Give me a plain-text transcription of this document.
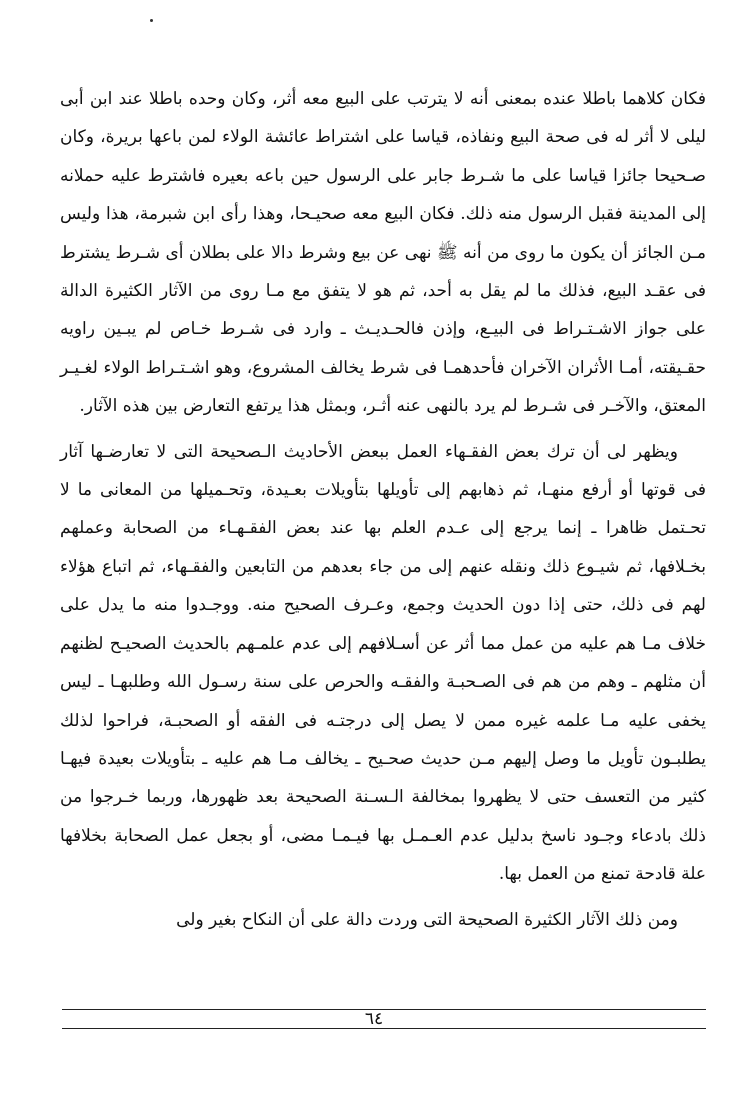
فكان كلاهما باطلا عنده بمعنى أنه لا يترتب على البيع معه أثر، وكان وحده باطلا عند ابن أبى ليلى لا أثر له فى صحة البيع ونفاذه، قياسا على اشتراط عائشة الولاء لمن باعها بريرة، وكان صـحيحا جائزا قياسا على ما شـرط جابر على الرسول حين باعه بعيره فاشترط عليه حملانه إلى المدينة فقبل الرسول منه ذلك. فكان البيع معه صحيـحا، وهذا رأى ابن شبرمة، هذا وليس مـن الجائز أن يكون ما روى من أنه ﷺ نهى عن بيع وشرط دالا على بطلان أى شـرط يشترط فى عقـد البيع، فذلك ما لم يقل به أحد، ثم هو لا يتفق مع مـا روى من الآثار الكثيرة الدالة على جواز الاشـتـراط فى البيـع، وإذن فالحـديـث ـ وارد فى شـرط خـاص لم يبـين راويه حقـيقته، أمـا الأثران الآخران فأحدهمـا فى شرط يخالف المشروع، وهو اشـتـراط الولاء لغـيـر المعتق، والآخـر فى شـرط لم يرد بالنهى عنه أثـر، وبمثل هذا يرتفع التعارض بين هذه الآثار.

ويظهر لى أن ترك بعض الفقـهاء العمل ببعض الأحاديث الـصحيحة التى لا تعارضـها آثار فى قوتها أو أرفع منهـا، ثم ذهابهم إلى تأويلها بتأويلات بعـيدة، وتحـميلها من المعانى ما لا تحـتمل ظاهرا ـ إنما يرجع إلى عـدم العلم بها عند بعض الفقـهـاء من الصحابة وعملهم بخـلافها، ثم شيـوع ذلك ونقله عنهم إلى من جاء بعدهم من التابعين والفقـهاء، ثم اتباع هؤلاء لهم فى ذلك، حتى إذا دون الحديث وجمع، وعـرف الصحيح منه. ووجـدوا منه ما يدل على خلاف مـا هم عليه من عمل مما أثر عن أسـلافهم إلى عدم علمـهم بالحديث الصحيـح لظنهم أن مثلهم ـ وهم من هم فى الصـحبـة والفقـه والحرص على سنة رسـول الله وطلبهـا ـ ليس يخفى عليه مـا علمه غيره ممن لا يصل إلى درجتـه فى الفقه أو الصحبـة، فراحوا لذلك يطلبـون تأويل ما وصل إليهم مـن حديث صحـيح ـ يخالف مـا هم عليه ـ بتأويلات بعيدة فيهـا كثير من التعسف حتى لا يظهروا بمخالفة الـسـنة الصحيحة بعد ظهورها، وربما خـرجوا من ذلك بادعاء وجـود ناسخ بدليل عدم العـمـل بها فيـمـا مضى، أو بجعل عمل الصحابة بخلافها علة قادحة تمنع من العمل بها.

ومن ذلك الآثار الكثيرة الصحيحة التى وردت دالة على أن النكاح بغير ولى

٦٤
